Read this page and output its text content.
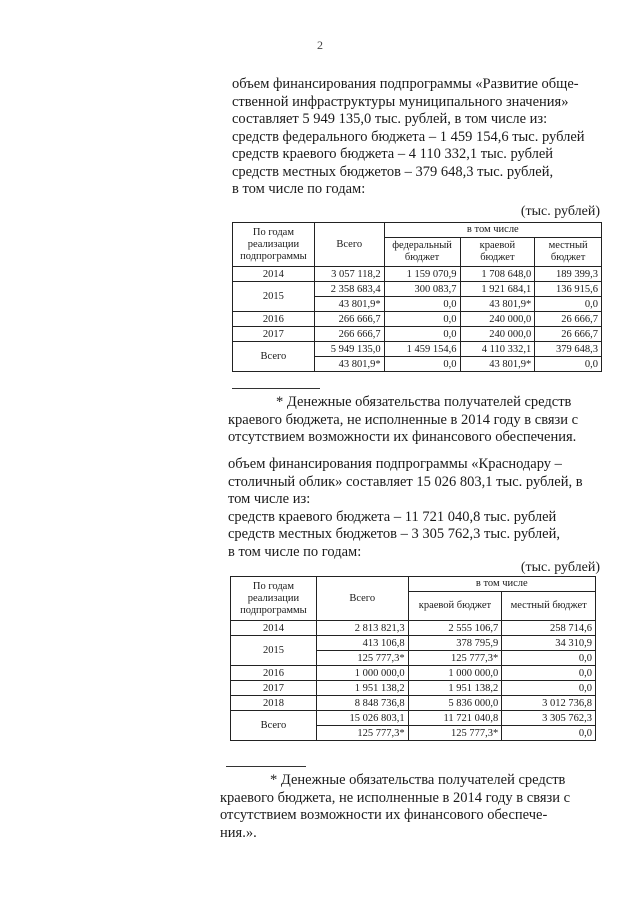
2

объем финансирования подпрограммы «Развитие обще-

ственной инфраструктуры муниципального значения»

составляет 5 949 135,0 тыс. рублей, в том числе из:

средств федерального бюджета – 1 459 154,6 тыс. рублей

средств краевого бюджета – 4 110 332,1 тыс. рублей

средств местных бюджетов – 379 648,3 тыс. рублей,

в том числе по годам:

(тыс. рублей)
По годам реализации подпрограммы	Всего	в том числе		
		федеральный бюджет	краевой бюджет	местный бюджет
2014	3 057 118,2	1 159 070,9	1 708 648,0	189 399,3
2015	2 358 683,4	300 083,7	1 921 684,1	136 915,6
	43 801,9*	0,0	43 801,9*	0,0
2016	266 666,7	0,0	240 000,0	26 666,7
2017	266 666,7	0,0	240 000,0	26 666,7
Всего	5 949 135,0	1 459 154,6	4 110 332,1	379 648,3
	43 801,9*	0,0	43 801,9*	0,0

* Денежные обязательства получателей средств

краевого бюджета, не исполненные в 2014 году в связи с

отсутствием возможности их финансового обеспечения.

объем финансирования подпрограммы «Краснодару –

столичный облик» составляет 15 026 803,1 тыс. рублей, в

том числе из:

средств краевого бюджета – 11 721 040,8 тыс. рублей

средств местных бюджетов – 3 305 762,3 тыс. рублей,

в том числе по годам:

(тыс. рублей)
По годам реализации подпрограммы	Всего	в том числе	
		краевой бюджет	местный бюджет
2014	2 813 821,3	2 555 106,7	258 714,6
2015	413 106,8	378 795,9	34 310,9
	125 777,3*	125 777,3*	0,0
2016	1 000 000,0	1 000 000,0	0,0
2017	1 951 138,2	1 951 138,2	0,0
2018	8 848 736,8	5 836 000,0	3 012 736,8
Всего	15 026 803,1	11 721 040,8	3 305 762,3
	125 777,3*	125 777,3*	0,0

* Денежные обязательства получателей средств

краевого бюджета, не исполненные в 2014 году в связи с

отсутствием возможности их финансового обеспече-

ния.».
